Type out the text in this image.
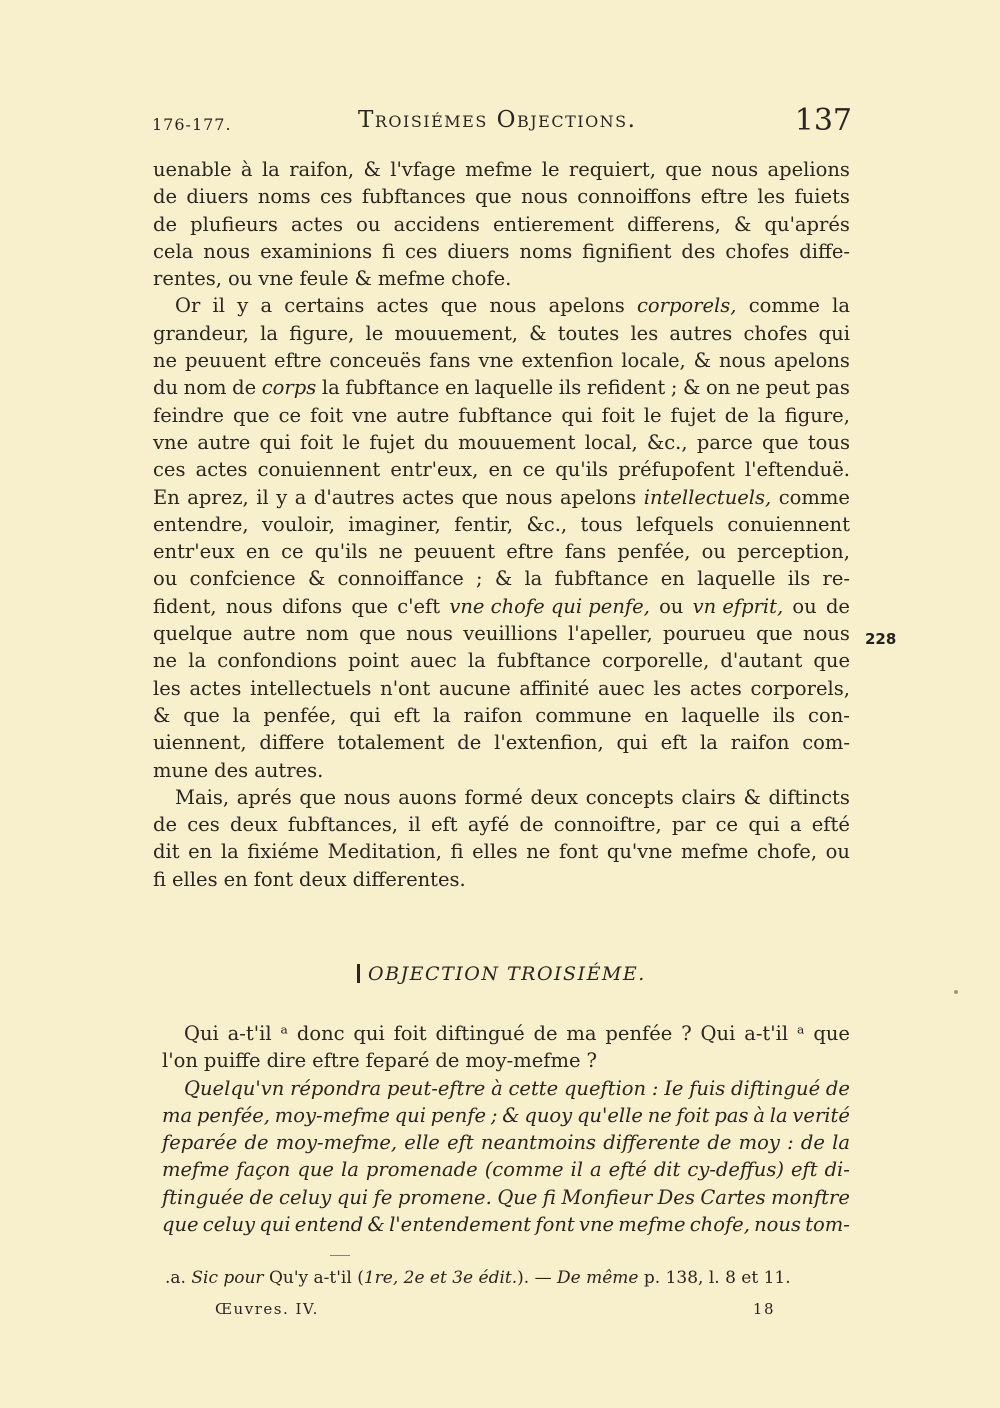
176-177.	Troisiémes Objections.	137
uenable à la raifon, & l'vfage mefme le requiert, que nous apelions
de diuers noms ces fubftances que nous connoiffons eftre les fuiets
de plufieurs actes ou accidens entierement differens, & qu'aprés
cela nous examinions fi ces diuers noms fignifient des chofes diffe-
rentes, ou vne feule & mefme chofe.
Or il y a certains actes que nous apelons corporels, comme la
grandeur, la figure, le mouuement, & toutes les autres chofes qui
ne peuuent eftre conceuës fans vne extenfion locale, & nous apelons
du nom de corps la fubftance en laquelle ils refident ; & on ne peut pas
feindre que ce foit vne autre fubftance qui foit le fujet de la figure,
vne autre qui foit le fujet du mouuement local, &c., parce que tous
ces actes conuiennent entr'eux, en ce qu'ils préfupofent l'eftenduë.
En aprez, il y a d'autres actes que nous apelons intellectuels, comme
entendre, vouloir, imaginer, fentir, &c., tous lefquels conuiennent
entr'eux en ce qu'ils ne peuuent eftre fans penfée, ou perception,
ou confcience & connoiffance ; & la fubftance en laquelle ils re-
fident, nous difons que c'eft vne chofe qui penfe, ou vn efprit, ou de
quelque autre nom que nous veuillions l'apeller, pourueu que nous
ne la confondions point auec la fubftance corporelle, d'autant que
les actes intellectuels n'ont aucune affinité auec les actes corporels,
& que la penfée, qui eft la raifon commune en laquelle ils con-
uiennent, differe totalement de l'extenfion, qui eft la raifon com-
mune des autres.
Mais, aprés que nous auons formé deux concepts clairs & diftincts
de ces deux fubftances, il eft ayfé de connoiftre, par ce qui a efté
dit en la fixiéme Meditation, fi elles ne font qu'vne mefme chofe, ou
fi elles en font deux differentes.
228
OBJECTION TROISIÉME.
Qui a-t'il ᵃ donc qui foit diftingué de ma penfée ? Qui a-t'il ᵃ que
l'on puiffe dire eftre feparé de moy-mefme ?
Quelqu'vn répondra peut-eftre à cette queftion : Ie fuis diftingué de
ma penfée, moy-mefme qui penfe ; & quoy qu'elle ne foit pas à la verité
feparée de moy-mefme, elle eft neantmoins differente de moy : de la
mefme façon que la promenade (comme il a efté dit cy-deffus) eft di-
ftinguée de celuy qui fe promene. Que fi Monfieur Des Cartes monftre
que celuy qui entend & l'entendement font vne mefme chofe, nous tom-
.a. Sic pour Qu'y a-t'il (1re, 2e et 3e édit.). — De même p. 138, l. 8 et 11.
Œuvres. IV.	18
